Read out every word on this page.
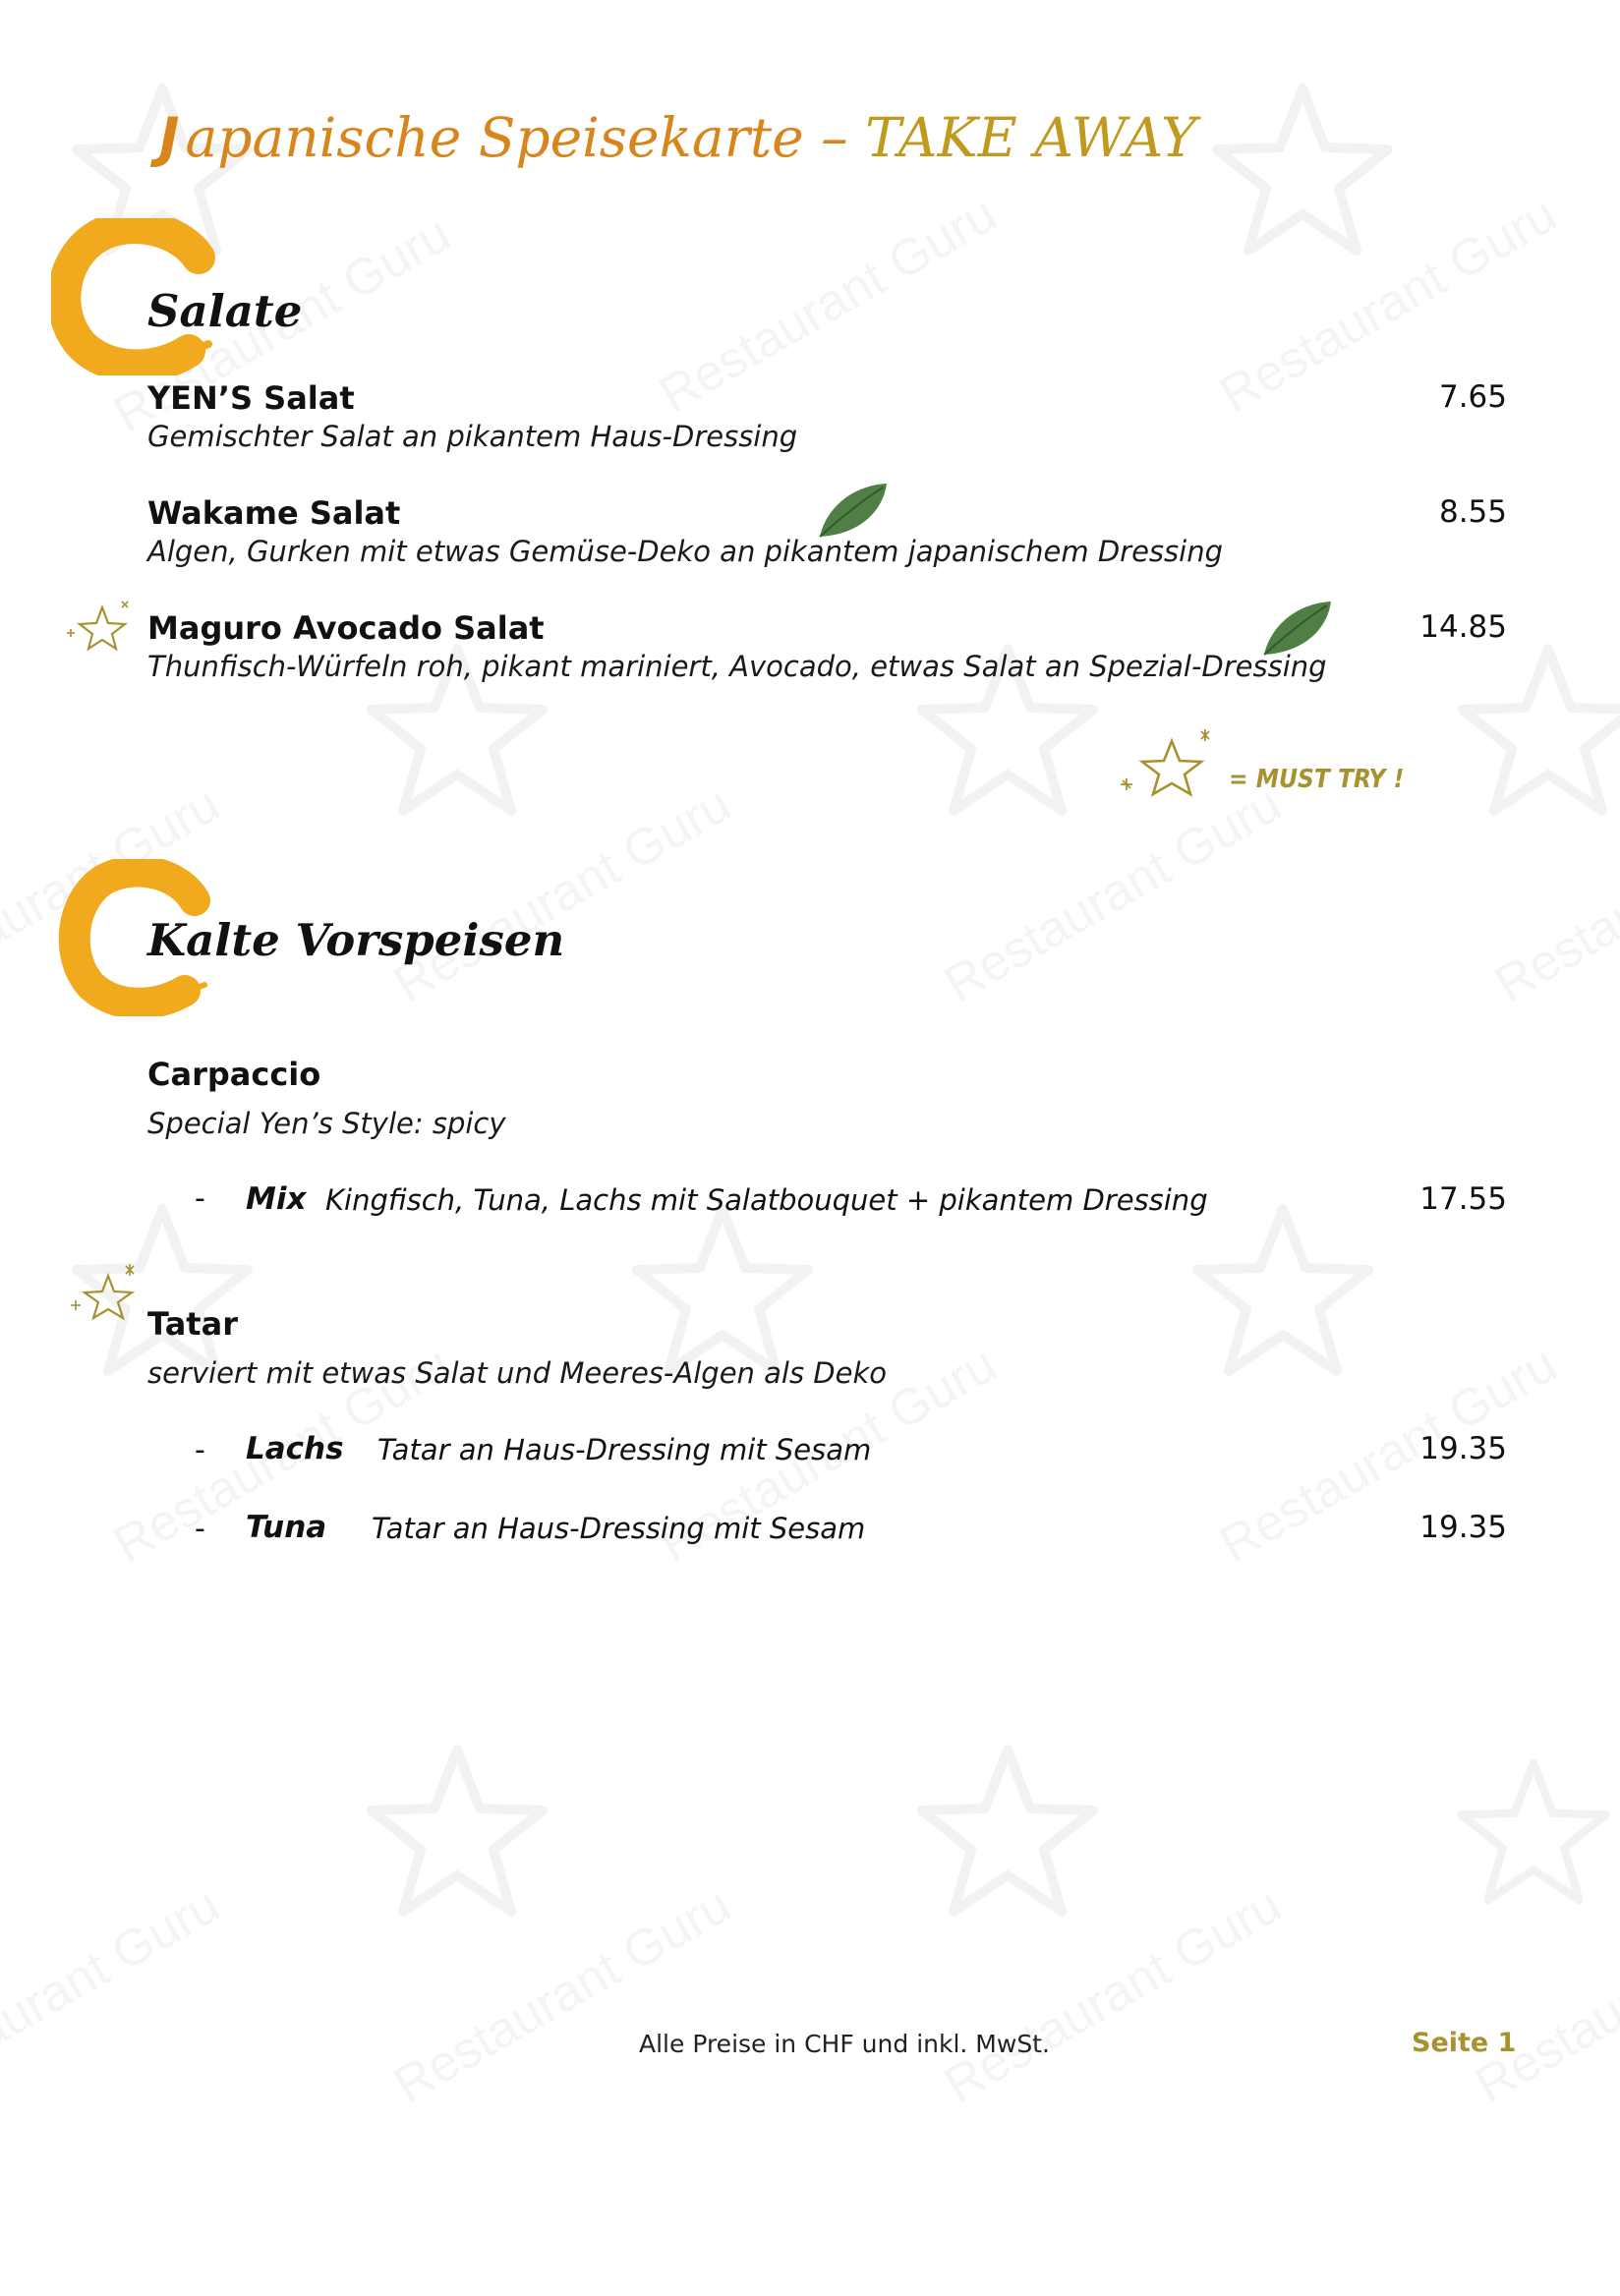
J apanische Speisekarte – TAKE AWAY
Salate
YEN’S Salat
Gemischter Salat an pikantem Haus-Dressing
7.65
Wakame Salat
Algen, Gurken mit etwas Gemüse-Deko an pikantem japanischem Dressing
8.55
Maguro Avocado Salat
Thunfisch-Würfeln roh, pikant mariniert, Avocado, etwas Salat an Spezial-Dressing
14.85
= MUST TRY !
Kalte Vorspeisen
Carpaccio
Special Yen’s Style: spicy
- Mix Kingfisch, Tuna, Lachs mit Salatbouquet + pikantem Dressing	17.55
Tatar
serviert mit etwas Salat und Meeres-Algen als Deko
- Lachs Tatar an Haus-Dressing mit Sesam	19.35
- Tuna Tatar an Haus-Dressing mit Sesam	19.35
Alle Preise in CHF und inkl. MwSt.	Seite 1
